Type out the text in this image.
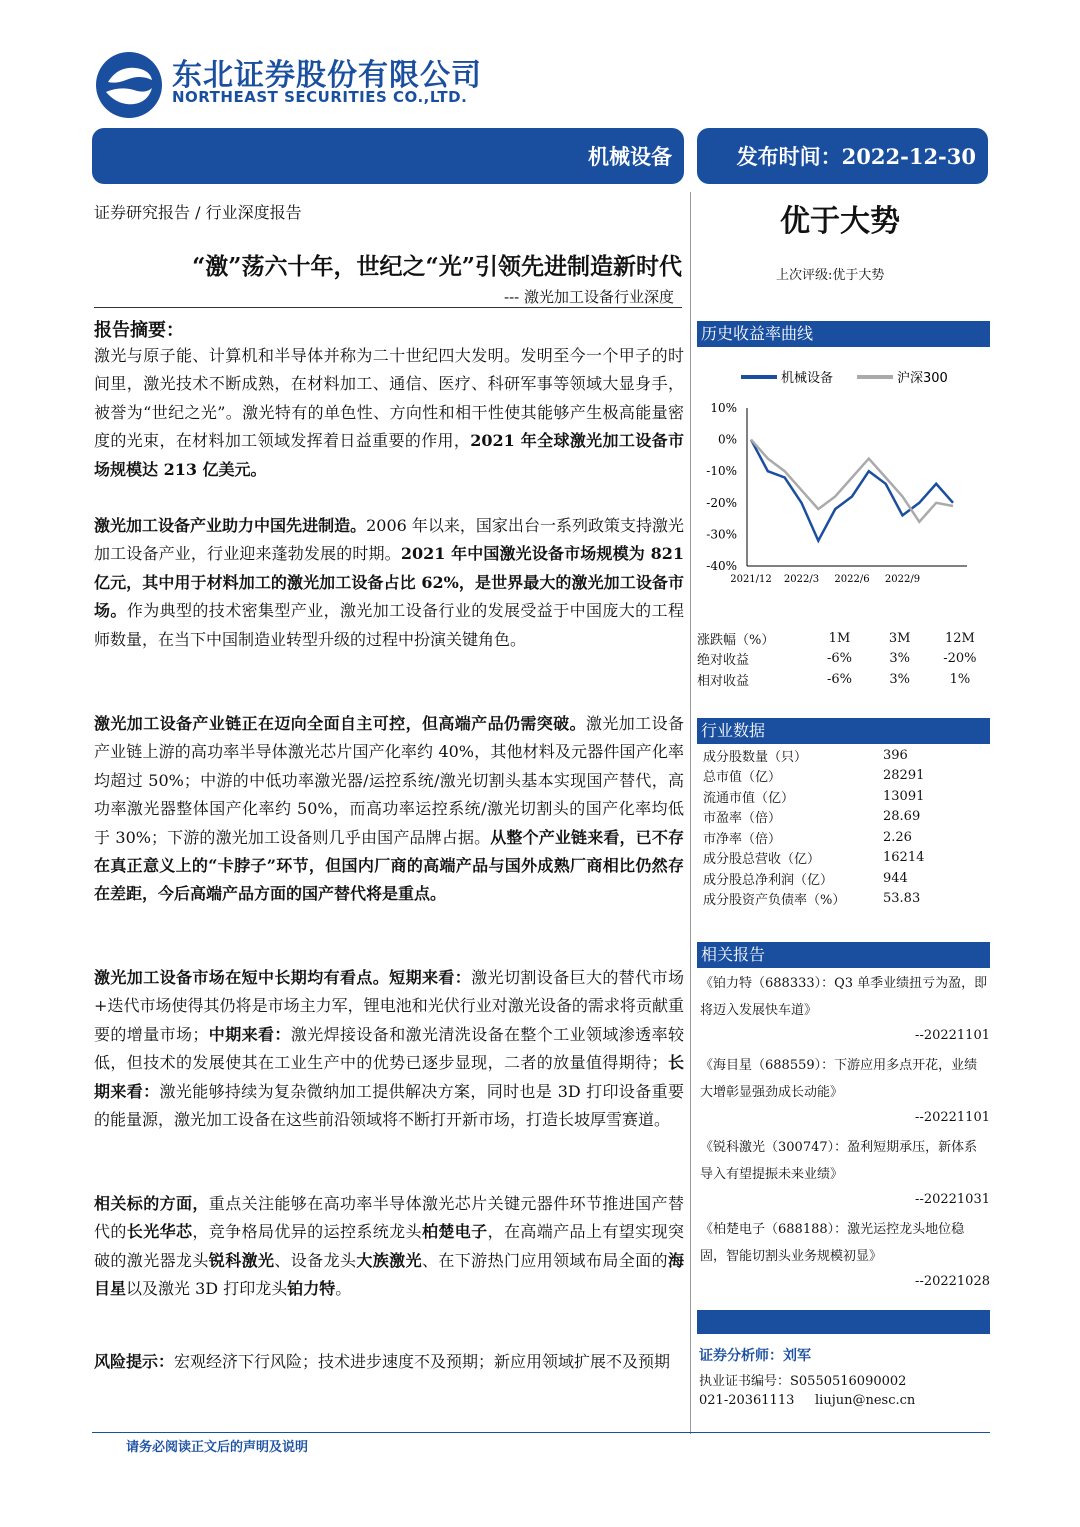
东北证券股份有限公司
NORTHEAST SECURITIES CO.,LTD.
机械设备	发布时间：2022-12-30
证券研究报告 / 行业深度报告	优于大势
上次评级:优于大势
“激”荡六十年，世纪之“光”引领先进制造新时代
--- 激光加工设备行业深度
报告摘要：
激光与原子能、计算机和半导体并称为二十世纪四大发明。发明至今一个甲子的时间里，激光技术不断成熟，在材料加工、通信、医疗、科研军事等领域大显身手，被誉为“世纪之光”。激光特有的单色性、方向性和相干性使其能够产生极高能量密度的光束，在材料加工领域发挥着日益重要的作用，2021 年全球激光加工设备市场规模达 213 亿美元。
激光加工设备产业助力中国先进制造。2006 年以来，国家出台一系列政策支持激光加工设备产业，行业迎来蓬勃发展的时期。2021 年中国激光设备市场规模为 821 亿元，其中用于材料加工的激光加工设备占比 62%，是世界最大的激光加工设备市场。作为典型的技术密集型产业，激光加工设备行业的发展受益于中国庞大的工程师数量，在当下中国制造业转型升级的过程中扮演关键角色。
激光加工设备产业链正在迈向全面自主可控，但高端产品仍需突破。激光加工设备产业链上游的高功率半导体激光芯片国产化率约 40%，其他材料及元器件国产化率均超过 50%；中游的中低功率激光器/运控系统/激光切割头基本实现国产替代，高功率激光器整体国产化率约 50%，而高功率运控系统/激光切割头的国产化率均低于 30%；下游的激光加工设备则几乎由国产品牌占据。从整个产业链来看，已不存在真正意义上的“卡脖子”环节，但国内厂商的高端产品与国外成熟厂商相比仍然存在差距，今后高端产品方面的国产替代将是重点。
激光加工设备市场在短中长期均有看点。短期来看：激光切割设备巨大的替代市场+迭代市场使得其仍将是市场主力军，锂电池和光伏行业对激光设备的需求将贡献重要的增量市场；中期来看：激光焊接设备和激光清洗设备在整个工业领域渗透率较低，但技术的发展使其在工业生产中的优势已逐步显现，二者的放量值得期待；长期来看：激光能够持续为复杂微纳加工提供解决方案，同时也是 3D 打印设备重要的能量源，激光加工设备在这些前沿领域将不断打开新市场，打造长坡厚雪赛道。
相关标的方面，重点关注能够在高功率半导体激光芯片关键元器件环节推进国产替代的长光华芯，竞争格局优异的运控系统龙头柏楚电子，在高端产品上有望实现突破的激光器龙头锐科激光、设备龙头大族激光、在下游热门应用领域布局全面的海目星以及激光 3D 打印龙头铂力特。
风险提示：宏观经济下行风险；技术进步速度不及预期；新应用领域扩展不及预期
历史收益率曲线
机械设备	沪深300
10%
0%
-10%
-20%
-30%
-40%
2021/12 2022/3 2022/6 2022/9
涨跌幅（%）	1M	3M	12M
绝对收益	-6%	3%	-20%
相对收益	-6%	3%	1%
行业数据
成分股数量（只）	396
总市值（亿）	28291
流通市值（亿）	13091
市盈率（倍）	28.69
市净率（倍）	2.26
成分股总营收（亿）	16214
成分股总净利润（亿）	944
成分股资产负债率（%）	53.83
相关报告
《铂力特（688333）：Q3 单季业绩扭亏为盈，即将迈入发展快车道》
--20221101
《海目星（688559）：下游应用多点开花，业绩大增彰显强劲成长动能》
--20221101
《锐科激光（300747）：盈利短期承压，新体系导入有望提振未来业绩》
--20221031
《柏楚电子（688188）：激光运控龙头地位稳固，智能切割头业务规模初显》
--20221028
证券分析师：刘军
执业证书编号：S0550516090002
021-20361113 liujun@nesc.cn
请务必阅读正文后的声明及说明
